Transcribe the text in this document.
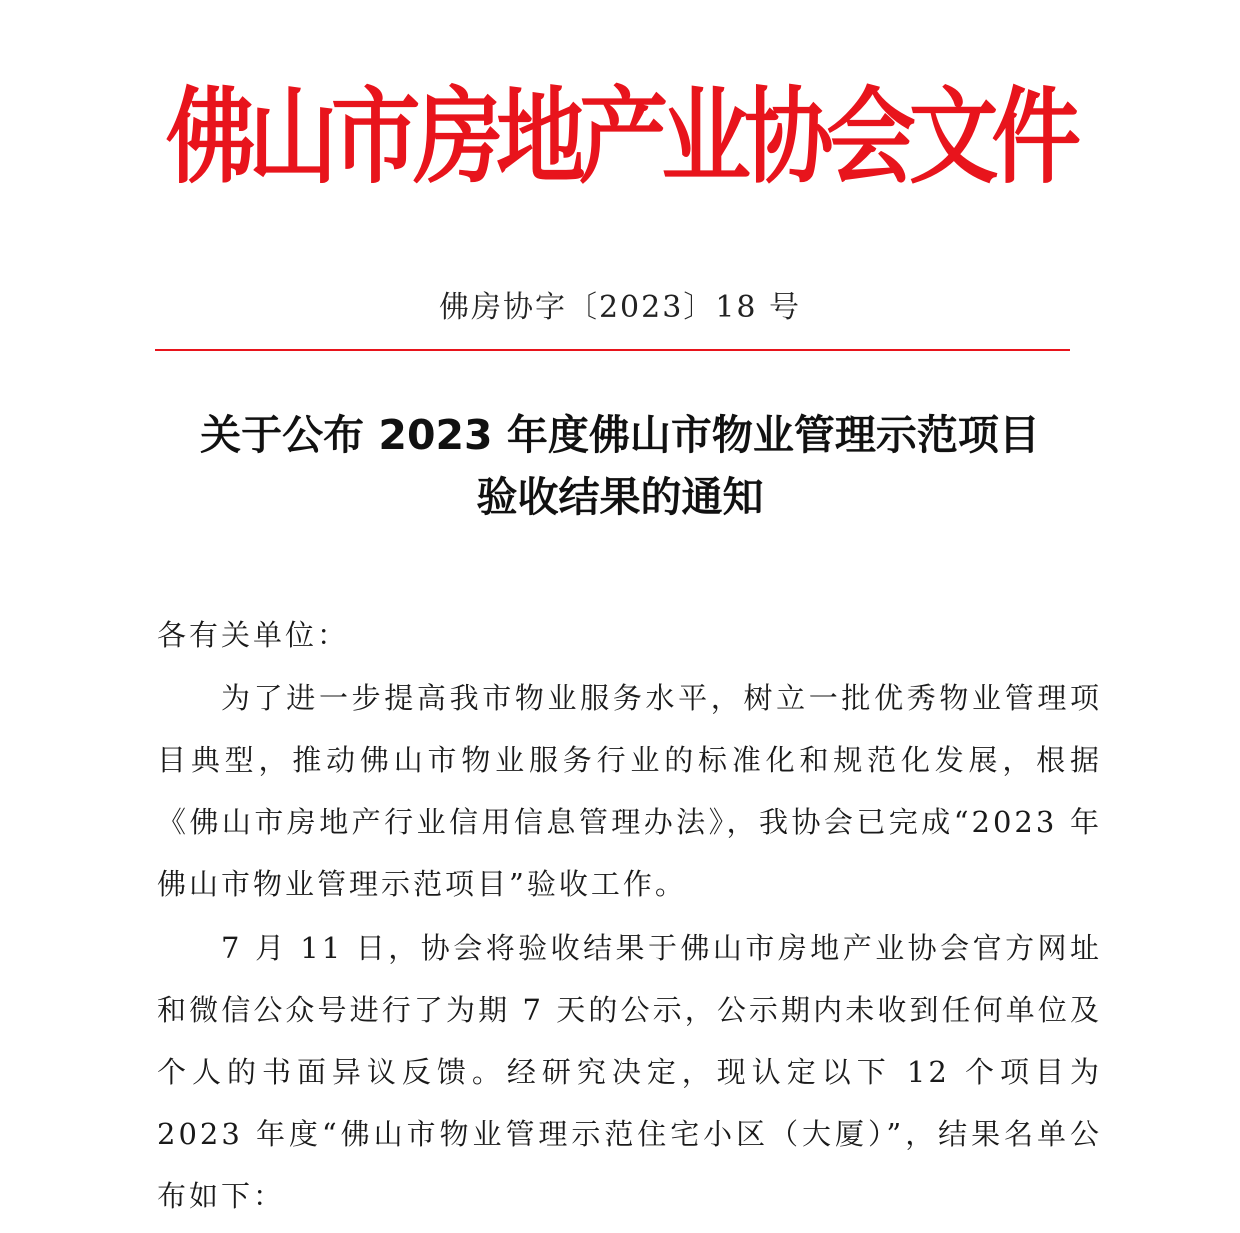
佛山市房地产业协会文件
佛房协字〔2023〕18 号
关于公布 2023 年度佛山市物业管理示范项目
验收结果的通知
各有关单位：
为了进一步提高我市物业服务水平，树立一批优秀物业管理项目典型，推动佛山市物业服务行业的标准化和规范化发展，根据《佛山市房地产行业信用信息管理办法》，我协会已完成“2023 年佛山市物业管理示范项目”验收工作。
7 月 11 日，协会将验收结果于佛山市房地产业协会官方网址和微信公众号进行了为期 7 天的公示，公示期内未收到任何单位及个人的书面异议反馈。经研究决定，现认定以下 12 个项目为 2023 年度“佛山市物业管理示范住宅小区（大厦）”，结果名单公布如下：
